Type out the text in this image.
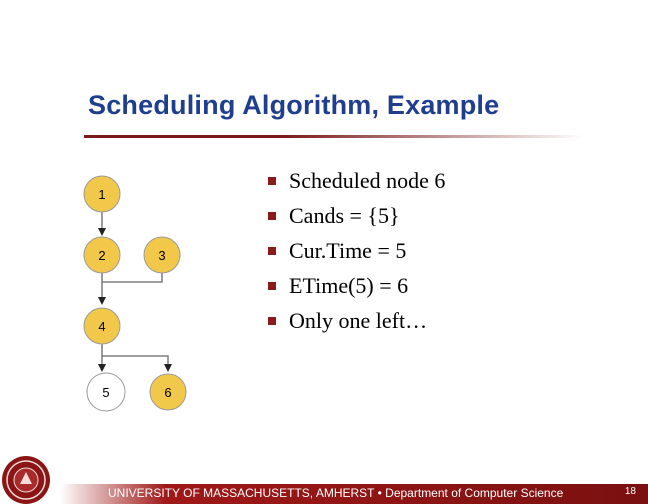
Scheduling Algorithm, Example
1
2	3
4
5	6
Scheduled node 6
Cands = {5}
Cur.Time = 5
ETime(5) = 6
Only one left…
UNIVERSITY OF MASSACHUSETTS, AMHERST • Department of Computer Science	18
